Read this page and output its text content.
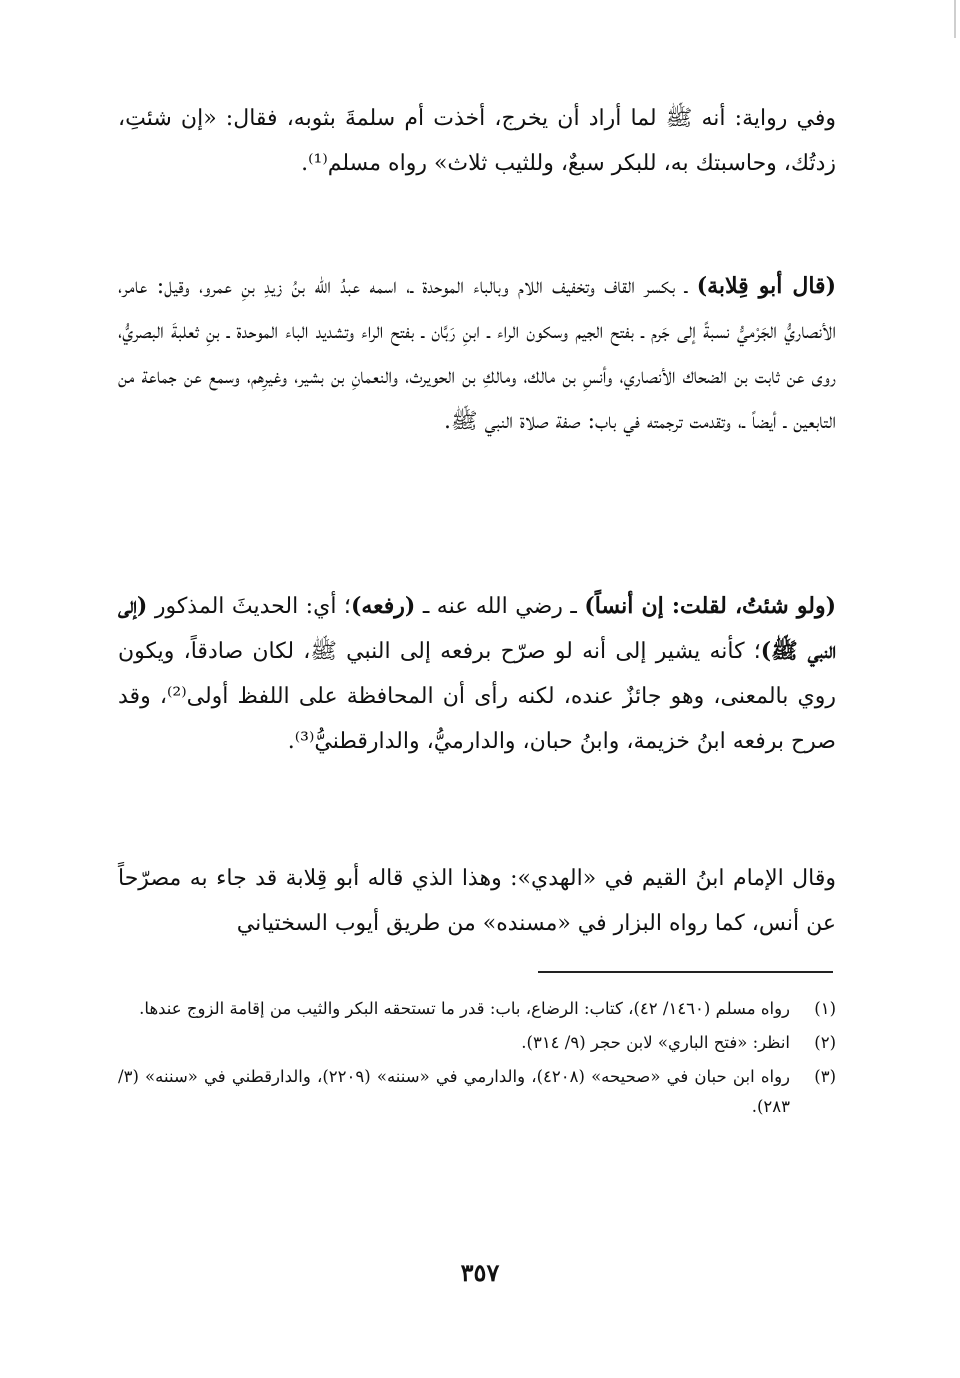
وفي رواية: أنه ﷺ لما أراد أن يخرج، أخذت أم سلمةَ بثوبه، فقال: «إن شئتِ، زدتُك، وحاسبتك به، للبكر سبعٌ، وللثيب ثلاث» رواه مسلم⁽¹⁾.

(قال أبو قِلابة) ـ بكسر القاف وتخفيف اللام وبالباء الموحدة ـ، اسمه عبدُ الله بنُ زيدِ بنِ عمرو، وقيل: عامر، الأنصاريُّ الجَرْميُّ نسبةً إلى جَرم ـ بفتح الجيم وسكون الراء ـ ابنِ رَبَّان ـ بفتح الراء وتشديد الباء الموحدة ـ بنِ ثعلبةَ البصريُّ، روى عن ثابت بن الضحاك الأنصاري، وأنسِ بن مالك، ومالكِ بن الحويرث، والنعمانِ بن بشير، وغيرِهم، وسمع عن جماعة من التابعين ـ أيضاً ـ، وتقدمت ترجمته في باب: صفة صلاة النبي ﷺ.

(ولو شئتُ، لقلت: إن أنساً) ـ رضي الله عنه ـ (رفعه)؛ أي: الحديثَ المذكور (إلى النبي ﷺ)؛ كأنه يشير إلى أنه لو صرّح برفعه إلى النبي ﷺ، لكان صادقاً، ويكون روي بالمعنى، وهو جائزٌ عنده، لكنه رأى أن المحافظة على اللفظ أولى⁽²⁾، وقد صرح برفعه ابنُ خزيمة، وابنُ حبان، والدارميُّ، والدارقطنيُّ⁽³⁾.

وقال الإمام ابنُ القيم في «الهدي»: وهذا الذي قاله أبو قِلابة قد جاء به مصرّحاً عن أنس، كما رواه البزار في «مسنده» من طريق أيوب السختياني

(١)
رواه مسلم (١٤٦٠/ ٤٢)، كتاب: الرضاع، باب: قدر ما تستحقه البكر والثيب من إقامة الزوج عندها.

(٢)
انظر: «فتح الباري» لابن حجر (٩/ ٣١٤).

(٣)
رواه ابن حبان في «صحيحه» (٤٢٠٨)، والدارمي في «سننه» (٢٢٠٩)، والدارقطني في «سننه» (٣/ ٢٨٣).

٣٥٧
